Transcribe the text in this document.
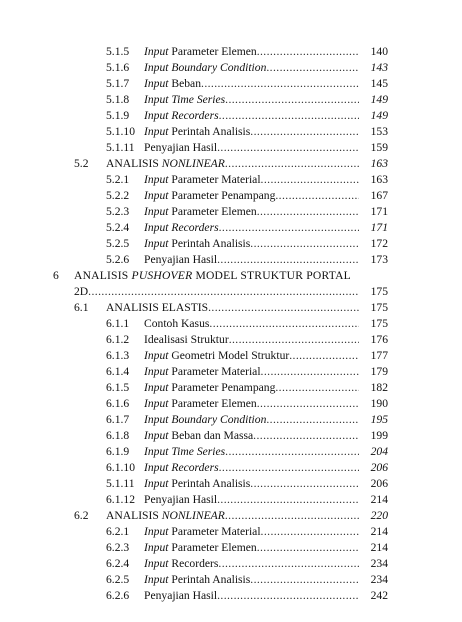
5.1.5 Input Parameter Elemen .....	140
5.1.6 Input Boundary Condition .....	143
5.1.7 Input Beban .....	145
5.1.8 Input Time Series .....	149
5.1.9 Input Recorders .....	149
5.1.10 Input Perintah Analisis .....	153
5.1.11 Penyajian Hasil .....	159
5.2 ANALISIS NONLINEAR .....	163
5.2.1 Input Parameter Material .....	163
5.2.2 Input Parameter Penampang .....	167
5.2.3 Input Parameter Elemen .....	171
5.2.4 Input Recorders .....	171
5.2.5 Input Perintah Analisis .....	172
5.2.6 Penyajian Hasil .....	173
6 ANALISIS PUSHOVER MODEL STRUKTUR PORTAL
2D .....	175
6.1 ANALISIS ELASTIS .....	175
6.1.1 Contoh Kasus .....	175
6.1.2 Idealisasi Struktur .....	176
6.1.3 Input Geometri Model Struktur .....	177
6.1.4 Input Parameter Material .....	179
6.1.5 Input Parameter Penampang .....	182
6.1.6 Input Parameter Elemen .....	190
6.1.7 Input Boundary Condition .....	195
6.1.8 Input Beban dan Massa .....	199
6.1.9 Input Time Series .....	204
6.1.10 Input Recorders .....	206
5.1.11 Input Perintah Analisis .....	206
6.1.12 Penyajian Hasil .....	214
6.2 ANALISIS NONLINEAR .....	220
6.2.1 Input Parameter Material .....	214
6.2.3 Input Parameter Elemen .....	214
6.2.4 Input Recorders .....	234
6.2.5 Input Perintah Analisis .....	234
6.2.6 Penyajian Hasil .....	242
